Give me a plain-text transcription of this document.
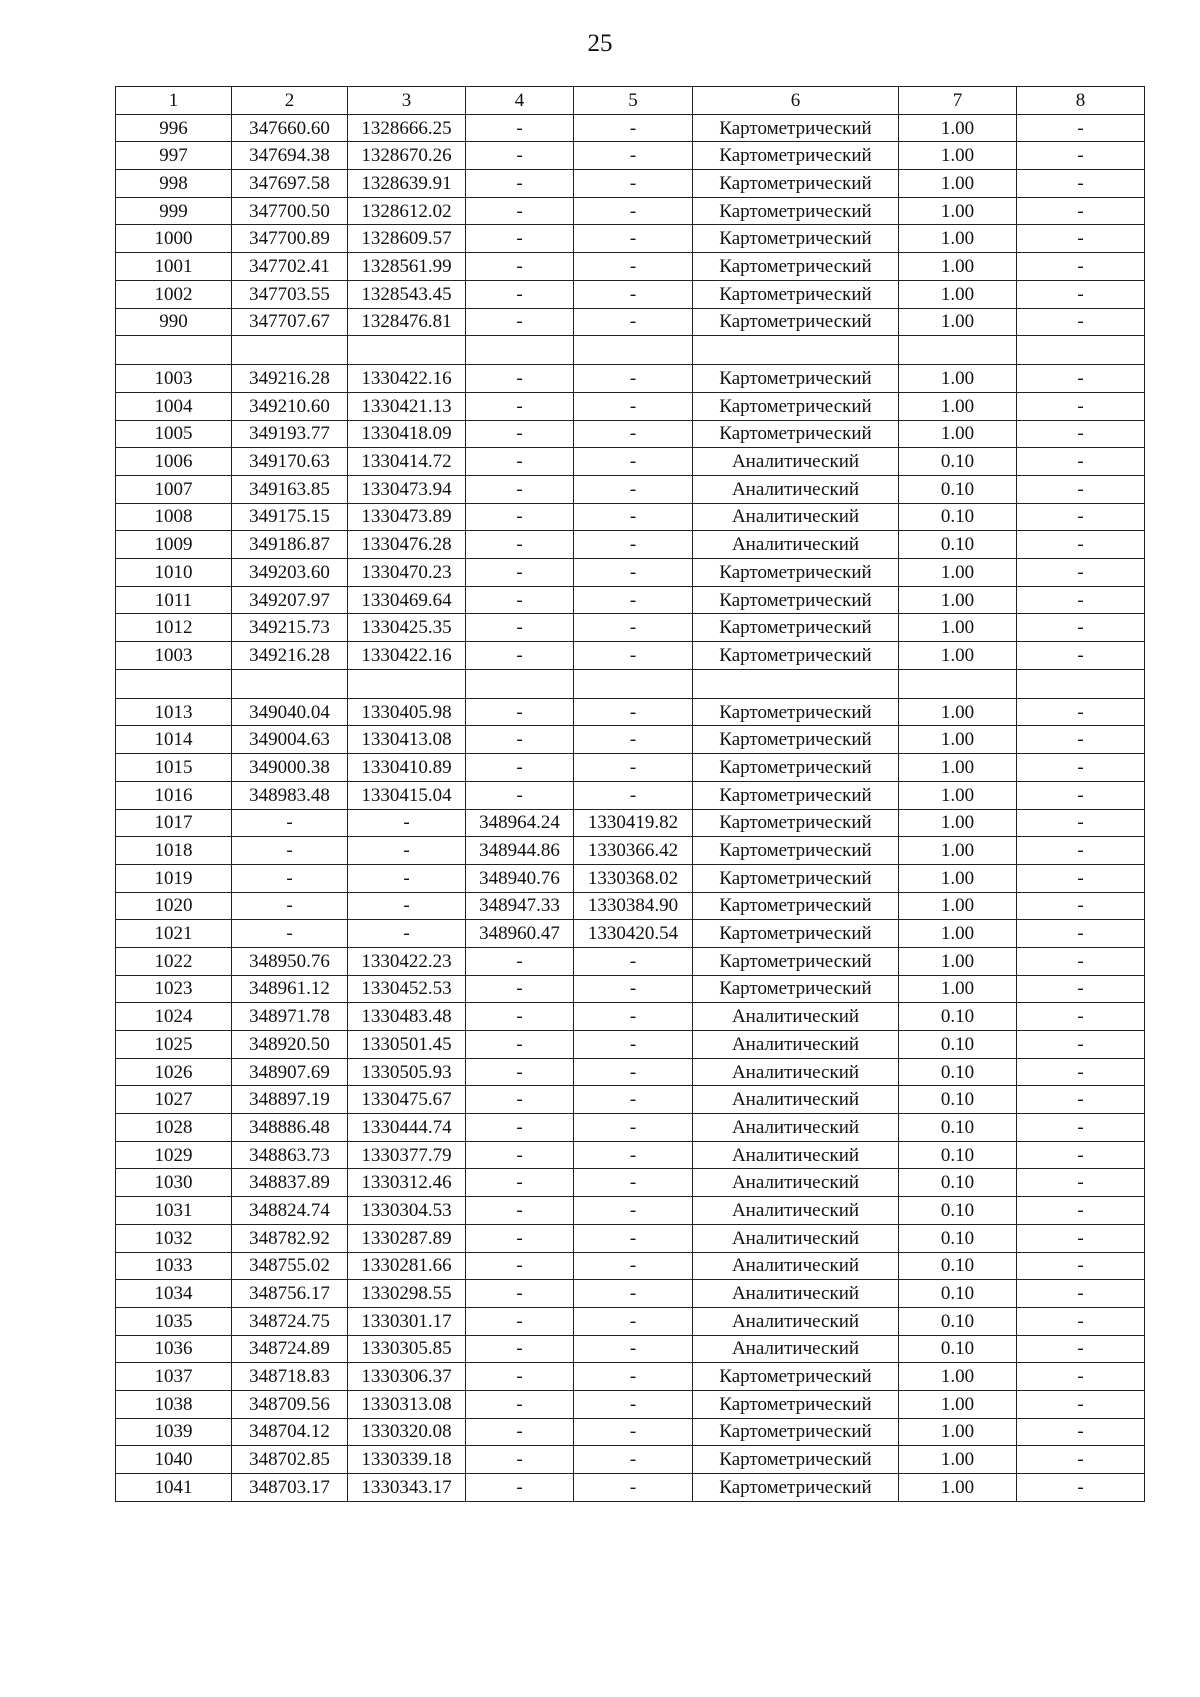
25
1	2	3	4	5	6	7	8
996	347660.60	1328666.25	-	-	Картометрический	1.00	-
997	347694.38	1328670.26	-	-	Картометрический	1.00	-
998	347697.58	1328639.91	-	-	Картометрический	1.00	-
999	347700.50	1328612.02	-	-	Картометрический	1.00	-
1000	347700.89	1328609.57	-	-	Картометрический	1.00	-
1001	347702.41	1328561.99	-	-	Картометрический	1.00	-
1002	347703.55	1328543.45	-	-	Картометрический	1.00	-
990	347707.67	1328476.81	-	-	Картометрический	1.00	-

1003	349216.28	1330422.16	-	-	Картометрический	1.00	-
1004	349210.60	1330421.13	-	-	Картометрический	1.00	-
1005	349193.77	1330418.09	-	-	Картометрический	1.00	-
1006	349170.63	1330414.72	-	-	Аналитический	0.10	-
1007	349163.85	1330473.94	-	-	Аналитический	0.10	-
1008	349175.15	1330473.89	-	-	Аналитический	0.10	-
1009	349186.87	1330476.28	-	-	Аналитический	0.10	-
1010	349203.60	1330470.23	-	-	Картометрический	1.00	-
1011	349207.97	1330469.64	-	-	Картометрический	1.00	-
1012	349215.73	1330425.35	-	-	Картометрический	1.00	-
1003	349216.28	1330422.16	-	-	Картометрический	1.00	-

1013	349040.04	1330405.98	-	-	Картометрический	1.00	-
1014	349004.63	1330413.08	-	-	Картометрический	1.00	-
1015	349000.38	1330410.89	-	-	Картометрический	1.00	-
1016	348983.48	1330415.04	-	-	Картометрический	1.00	-
1017	-	-	348964.24	1330419.82	Картометрический	1.00	-
1018	-	-	348944.86	1330366.42	Картометрический	1.00	-
1019	-	-	348940.76	1330368.02	Картометрический	1.00	-
1020	-	-	348947.33	1330384.90	Картометрический	1.00	-
1021	-	-	348960.47	1330420.54	Картометрический	1.00	-
1022	348950.76	1330422.23	-	-	Картометрический	1.00	-
1023	348961.12	1330452.53	-	-	Картометрический	1.00	-
1024	348971.78	1330483.48	-	-	Аналитический	0.10	-
1025	348920.50	1330501.45	-	-	Аналитический	0.10	-
1026	348907.69	1330505.93	-	-	Аналитический	0.10	-
1027	348897.19	1330475.67	-	-	Аналитический	0.10	-
1028	348886.48	1330444.74	-	-	Аналитический	0.10	-
1029	348863.73	1330377.79	-	-	Аналитический	0.10	-
1030	348837.89	1330312.46	-	-	Аналитический	0.10	-
1031	348824.74	1330304.53	-	-	Аналитический	0.10	-
1032	348782.92	1330287.89	-	-	Аналитический	0.10	-
1033	348755.02	1330281.66	-	-	Аналитический	0.10	-
1034	348756.17	1330298.55	-	-	Аналитический	0.10	-
1035	348724.75	1330301.17	-	-	Аналитический	0.10	-
1036	348724.89	1330305.85	-	-	Аналитический	0.10	-
1037	348718.83	1330306.37	-	-	Картометрический	1.00	-
1038	348709.56	1330313.08	-	-	Картометрический	1.00	-
1039	348704.12	1330320.08	-	-	Картометрический	1.00	-
1040	348702.85	1330339.18	-	-	Картометрический	1.00	-
1041	348703.17	1330343.17	-	-	Картометрический	1.00	-
